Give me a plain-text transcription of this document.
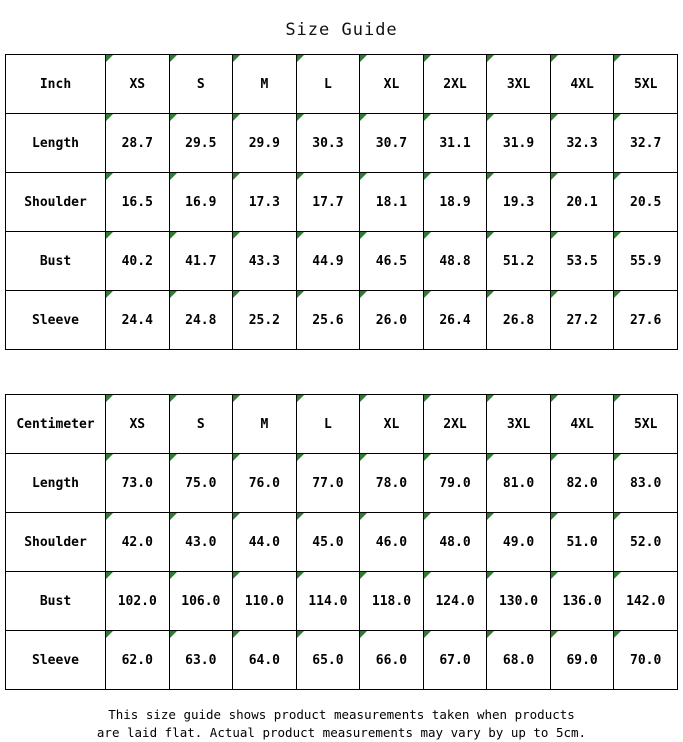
Size Guide
Inch	XS	S	M	L	XL	2XL	3XL	4XL	5XL
Length	28.7	29.5	29.9	30.3	30.7	31.1	31.9	32.3	32.7
Shoulder	16.5	16.9	17.3	17.7	18.1	18.9	19.3	20.1	20.5
Bust	40.2	41.7	43.3	44.9	46.5	48.8	51.2	53.5	55.9
Sleeve	24.4	24.8	25.2	25.6	26.0	26.4	26.8	27.2	27.6
Centimeter	XS	S	M	L	XL	2XL	3XL	4XL	5XL
Length	73.0	75.0	76.0	77.0	78.0	79.0	81.0	82.0	83.0
Shoulder	42.0	43.0	44.0	45.0	46.0	48.0	49.0	51.0	52.0
Bust	102.0	106.0	110.0	114.0	118.0	124.0	130.0	136.0	142.0
Sleeve	62.0	63.0	64.0	65.0	66.0	67.0	68.0	69.0	70.0
This size guide shows product measurements taken when products
are laid flat. Actual product measurements may vary by up to 5cm.
